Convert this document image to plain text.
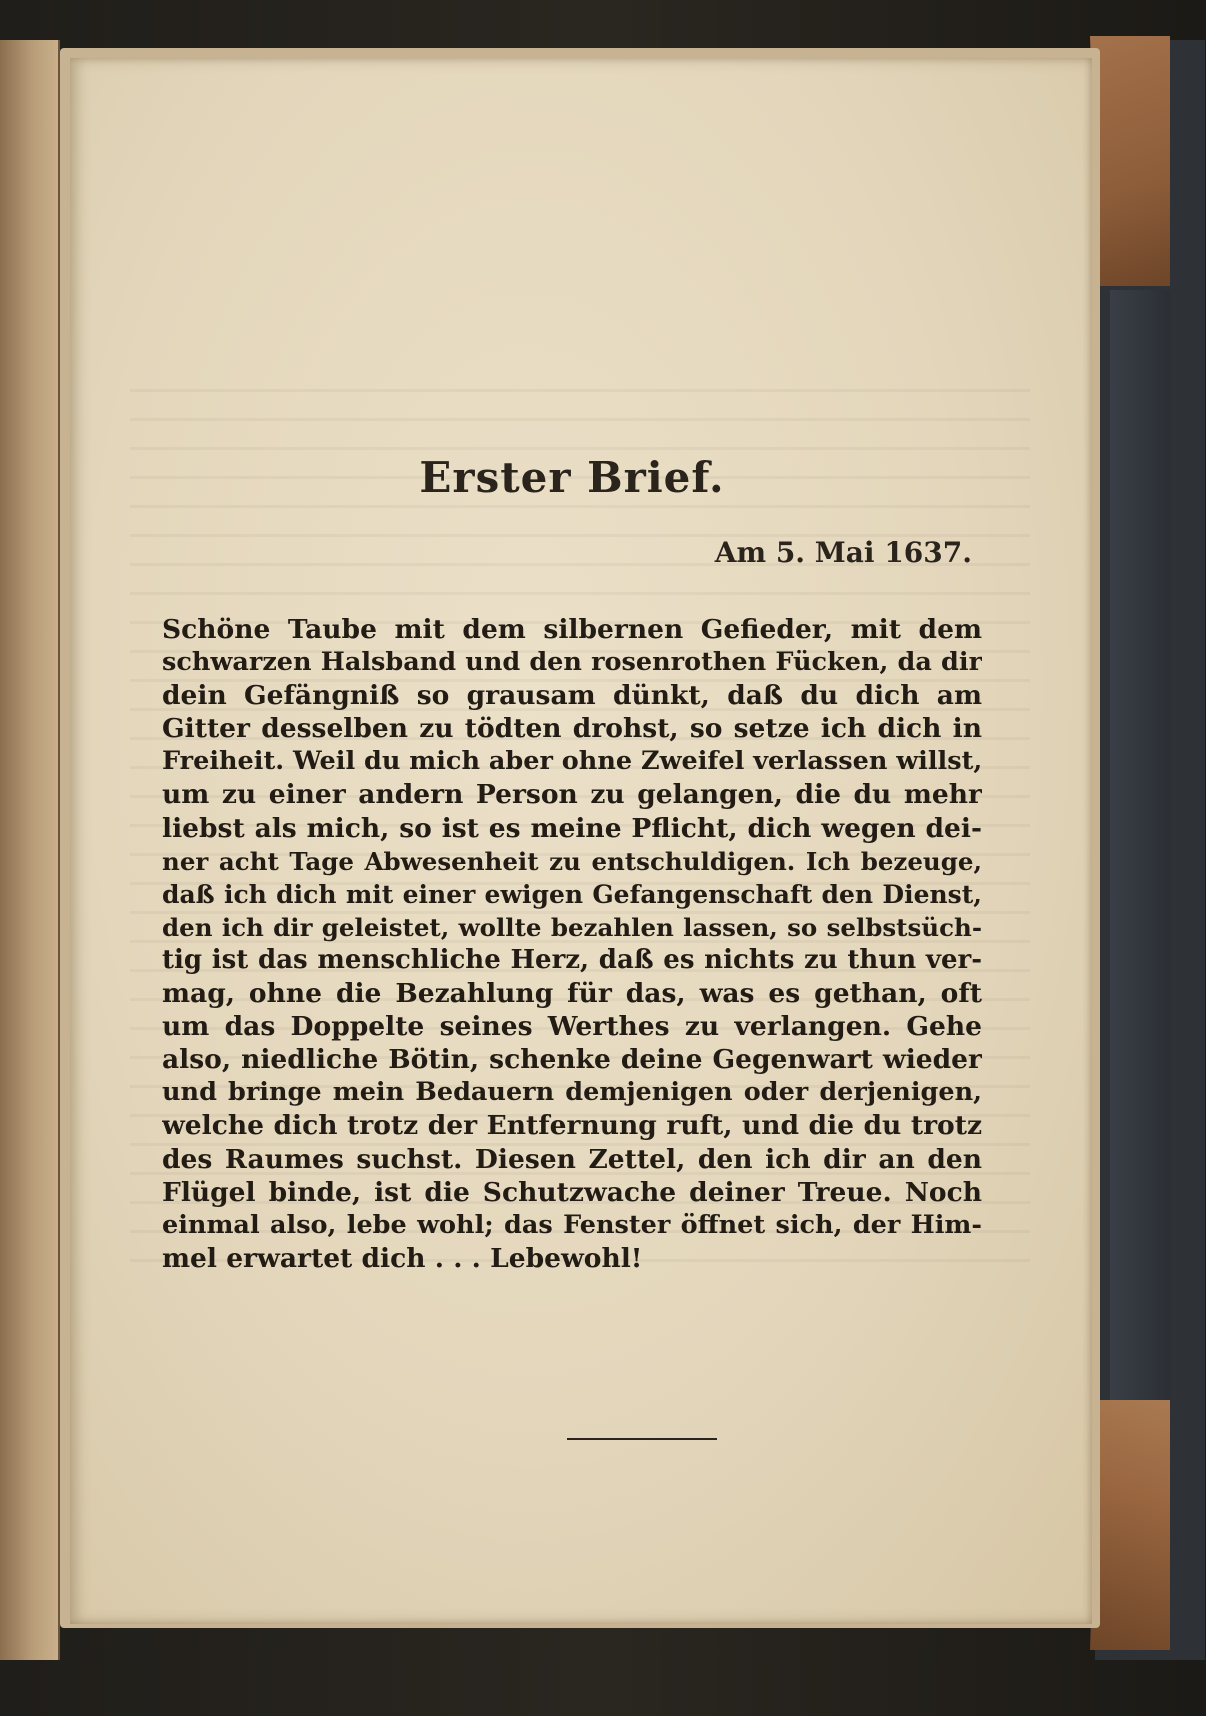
Erster Brief.
Am 5. Mai 1637.
Schöne Taube mit dem silbernen Gefieder, mit dem
schwarzen Halsband und den rosenrothen Fücken, da dir
dein Gefängniß so grausam dünkt, daß du dich am
Gitter desselben zu tödten drohst, so setze ich dich in
Freiheit. Weil du mich aber ohne Zweifel verlassen willst,
um zu einer andern Person zu gelangen, die du mehr
liebst als mich, so ist es meine Pflicht, dich wegen dei-
ner acht Tage Abwesenheit zu entschuldigen. Ich bezeuge,
daß ich dich mit einer ewigen Gefangenschaft den Dienst,
den ich dir geleistet, wollte bezahlen lassen, so selbstsüch-
tig ist das menschliche Herz, daß es nichts zu thun ver-
mag, ohne die Bezahlung für das, was es gethan, oft
um das Doppelte seines Werthes zu verlangen. Gehe
also, niedliche Bötin, schenke deine Gegenwart wieder
und bringe mein Bedauern demjenigen oder derjenigen,
welche dich trotz der Entfernung ruft, und die du trotz
des Raumes suchst. Diesen Zettel, den ich dir an den
Flügel binde, ist die Schutzwache deiner Treue. Noch
einmal also, lebe wohl; das Fenster öffnet sich, der Him-
mel erwartet dich . . . Lebewohl!
